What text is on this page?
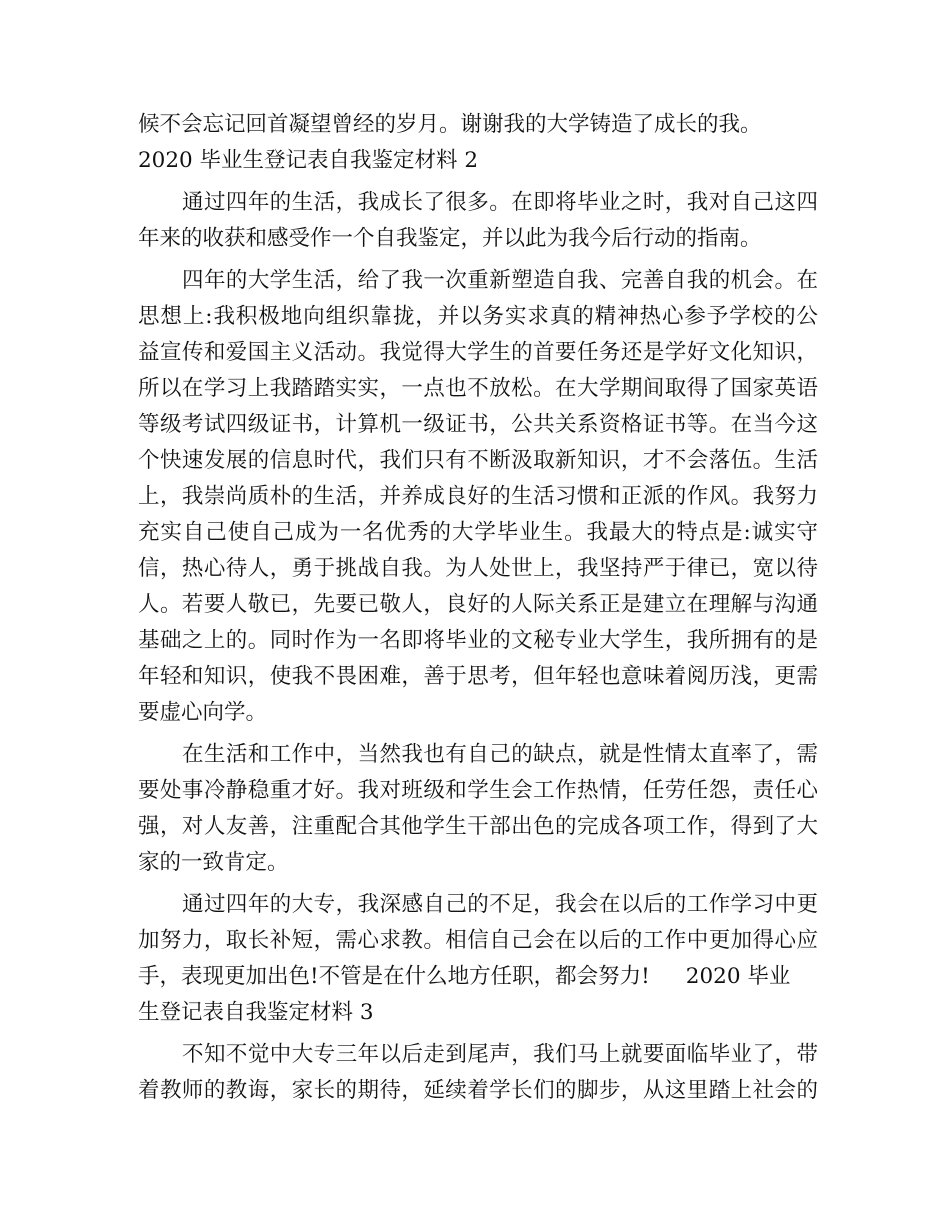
候不会忘记回首凝望曾经的岁月。谢谢我的大学铸造了成长的我。
2020 毕业生登记表自我鉴定材料 2
通过四年的生活，我成长了很多。在即将毕业之时，我对自己这四
年来的收获和感受作一个自我鉴定，并以此为我今后行动的指南。
四年的大学生活，给了我一次重新塑造自我、完善自我的机会。在
思想上:我积极地向组织靠拢，并以务实求真的精神热心参予学校的公
益宣传和爱国主义活动。我觉得大学生的首要任务还是学好文化知识，
所以在学习上我踏踏实实，一点也不放松。在大学期间取得了国家英语
等级考试四级证书，计算机一级证书，公共关系资格证书等。在当今这
个快速发展的信息时代，我们只有不断汲取新知识，才不会落伍。生活
上，我崇尚质朴的生活，并养成良好的生活习惯和正派的作风。我努力
充实自己使自己成为一名优秀的大学毕业生。我最大的特点是:诚实守
信，热心待人，勇于挑战自我。为人处世上，我坚持严于律已，宽以待
人。若要人敬已，先要已敬人，良好的人际关系正是建立在理解与沟通
基础之上的。同时作为一名即将毕业的文秘专业大学生，我所拥有的是
年轻和知识，使我不畏困难，善于思考，但年轻也意味着阅历浅，更需
要虚心向学。
在生活和工作中，当然我也有自己的缺点，就是性情太直率了，需
要处事冷静稳重才好。我对班级和学生会工作热情，任劳任怨，责任心
强，对人友善，注重配合其他学生干部出色的完成各项工作，得到了大
家的一致肯定。
通过四年的大专，我深感自己的不足，我会在以后的工作学习中更
加努力，取长补短，需心求教。相信自己会在以后的工作中更加得心应
手，表现更加出色!不管是在什么地方任职，都会努力! 2020 毕业
生登记表自我鉴定材料 3
不知不觉中大专三年以后走到尾声，我们马上就要面临毕业了，带
着教师的教诲，家长的期待，延续着学长们的脚步，从这里踏上社会的
